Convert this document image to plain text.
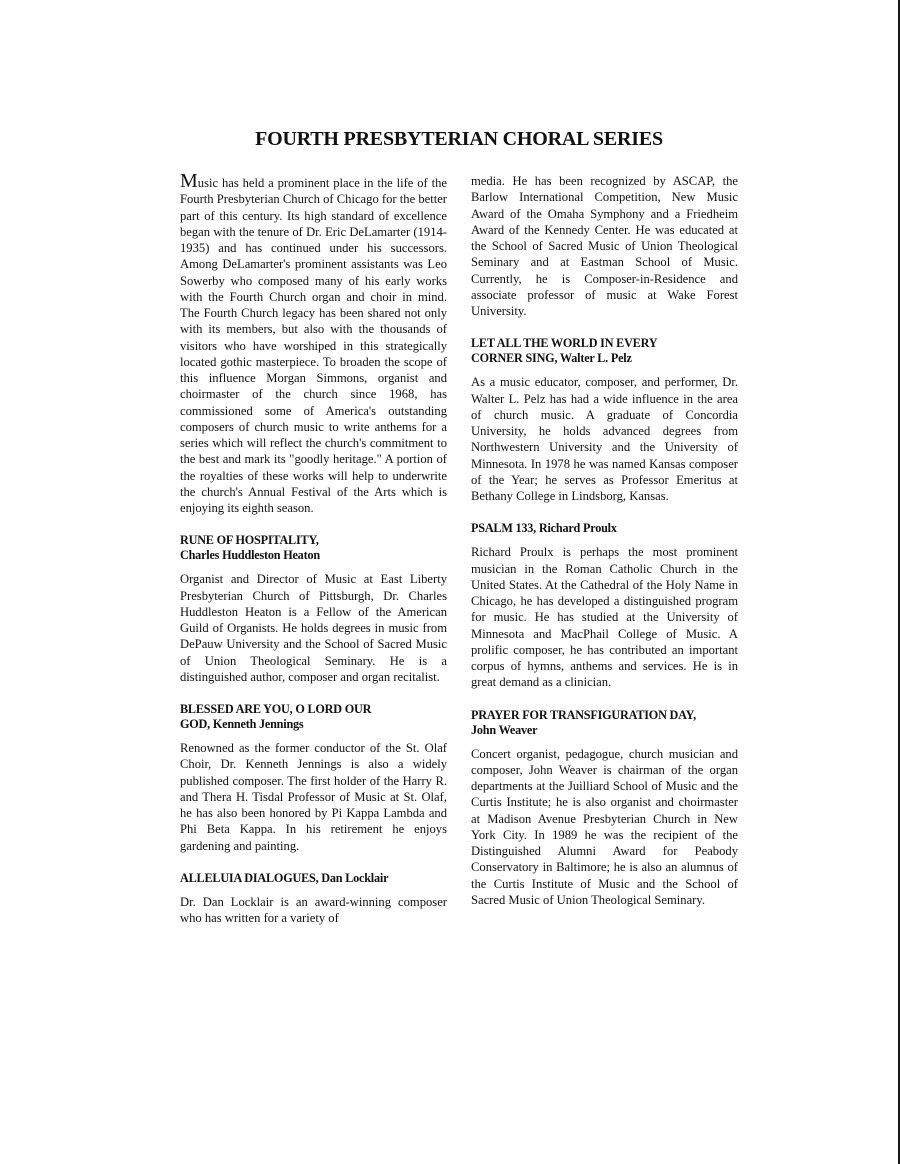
FOURTH PRESBYTERIAN CHORAL SERIES

Music has held a prominent place in the life of the Fourth Presbyterian Church of Chicago for the better part of this century. Its high standard of excellence began with the tenure of Dr. Eric DeLamarter (1914-1935) and has continued under his successors. Among DeLamarter's prominent assistants was Leo Sowerby who composed many of his early works with the Fourth Church organ and choir in mind. The Fourth Church legacy has been shared not only with its members, but also with the thousands of visitors who have worshiped in this strategically located gothic masterpiece. To broaden the scope of this influence Morgan Simmons, organist and choirmaster of the church since 1968, has commissioned some of America's outstanding composers of church music to write anthems for a series which will reflect the church's commitment to the best and mark its "goodly heritage." A portion of the royalties of these works will help to underwrite the church's Annual Festival of the Arts which is enjoying its eighth season.

RUNE OF HOSPITALITY,
Charles Huddleston Heaton

Organist and Director of Music at East Liberty Presbyterian Church of Pittsburgh, Dr. Charles Huddleston Heaton is a Fellow of the American Guild of Organists. He holds degrees in music from DePauw University and the School of Sacred Music of Union Theological Seminary. He is a distinguished author, composer and organ recitalist.

BLESSED ARE YOU, O LORD OUR
GOD, Kenneth Jennings

Renowned as the former conductor of the St. Olaf Choir, Dr. Kenneth Jennings is also a widely published composer. The first holder of the Harry R. and Thera H. Tisdal Professor of Music at St. Olaf, he has also been honored by Pi Kappa Lambda and Phi Beta Kappa. In his retirement he enjoys gardening and painting.

ALLELUIA DIALOGUES, Dan Locklair

Dr. Dan Locklair is an award-winning composer who has written for a variety of

media. He has been recognized by ASCAP, the Barlow International Competition, New Music Award of the Omaha Symphony and a Friedheim Award of the Kennedy Center. He was educated at the School of Sacred Music of Union Theological Seminary and at Eastman School of Music. Currently, he is Composer-in-Residence and associate professor of music at Wake Forest University.

LET ALL THE WORLD IN EVERY
CORNER SING, Walter L. Pelz

As a music educator, composer, and performer, Dr. Walter L. Pelz has had a wide influence in the area of church music. A graduate of Concordia University, he holds advanced degrees from Northwestern University and the University of Minnesota. In 1978 he was named Kansas composer of the Year; he serves as Professor Emeritus at Bethany College in Lindsborg, Kansas.

PSALM 133, Richard Proulx

Richard Proulx is perhaps the most prominent musician in the Roman Catholic Church in the United States. At the Cathedral of the Holy Name in Chicago, he has developed a distinguished program for music. He has studied at the University of Minnesota and MacPhail College of Music. A prolific composer, he has contributed an important corpus of hymns, anthems and services. He is in great demand as a clinician.

PRAYER FOR TRANSFIGURATION DAY,
John Weaver

Concert organist, pedagogue, church musician and composer, John Weaver is chairman of the organ departments at the Juilliard School of Music and the Curtis Institute; he is also organist and choirmaster at Madison Avenue Presbyterian Church in New York City. In 1989 he was the recipient of the Distinguished Alumni Award for Peabody Conservatory in Baltimore; he is also an alumnus of the Curtis Institute of Music and the School of Sacred Music of Union Theological Seminary.
